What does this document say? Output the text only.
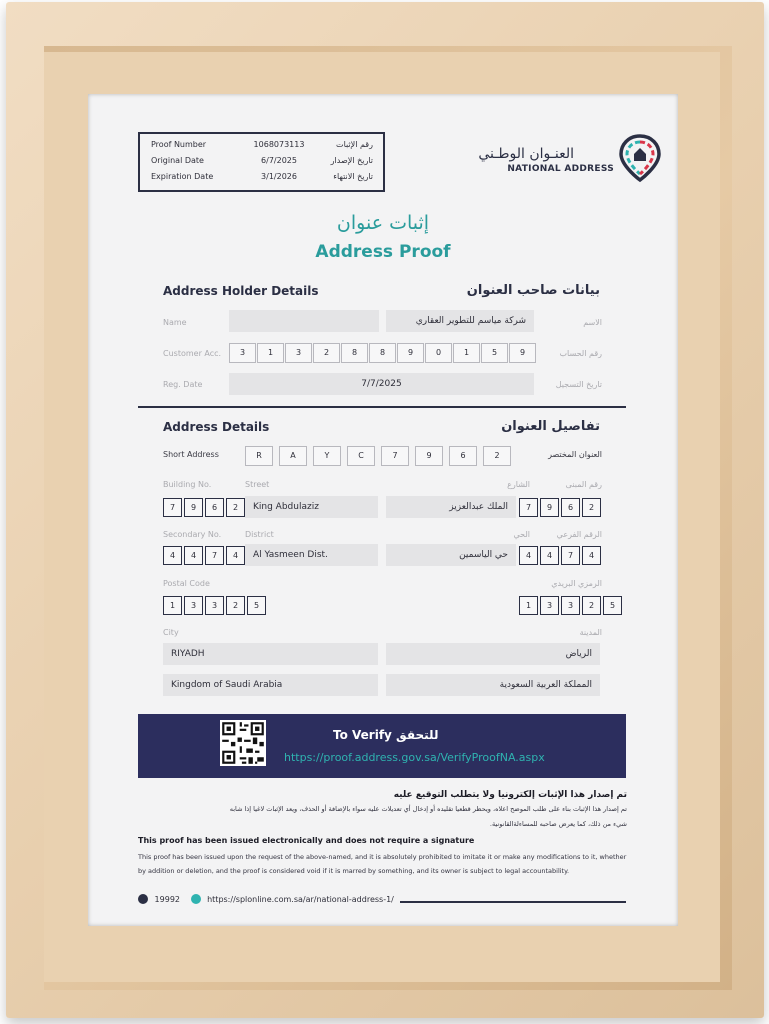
Proof Number	1068073113	رقم الإثبات
Original Date	6/7/2025	تاريخ الإصدار
Expiration Date	3/1/2026	تاريخ الانتهاء
العنـوان الوطـني
NATIONAL ADDRESS
إثبات عنوان
Address Proof
Address Holder Details	بيانات صاحب العنوان
Name	شركة مياسم للتطوير العقاري	الاسم
Customer Acc.	3	1	3	2	8	8	9	0	1	5	9	رقم الحساب
Reg. Date	7/7/2025	تاريخ التسجيل
Address Details	تفاصيل العنوان
Short Address	R	A	Y	C	7	9	6	2	العنوان المختصر
Building No.	Street	الشارع	رقم المبنى
7	9	6	2	King Abdulaziz	الملك عبدالعزيز	7	9	6	2
Secondary No.	District	الحي	الرقم الفرعي
4	4	7	4	Al Yasmeen Dist.	حي الياسمين	4	4	7	4
Postal Code	الرمزي البريدي
1	3	3	2	5	1	3	3	2	5
City	المدينة
RIYADH	الرياض
Kingdom of Saudi Arabia	المملكة العربية السعودية
To Verify للتحقق
https://proof.address.gov.sa/VerifyProofNA.aspx
تم إصدار هذا الإثبات إلكترونيا ولا يتطلب التوقيع عليه
تم إصدار هذا الإثبات بناء على طلب الموضح اعلاه، ويحظر قطعيا تقليده أو إدخال أي تعديلات عليه سواء بالإضافة أو الحذف، ويعد الإثبات لاغيا إذا شابه
شيء من ذلك، كما يعرض صاحبه للمساءلةالقانونية.
This proof has been issued electronically and does not require a signature
This proof has been issued upon the request of the above-named, and it is absolutely prohibited to imitate it or make any modifications to it, whether by addition or deletion, and the proof is considered void if it is marred by something, and its owner is subject to legal accountability.
19992	https://splonline.com.sa/ar/national-address-1/
